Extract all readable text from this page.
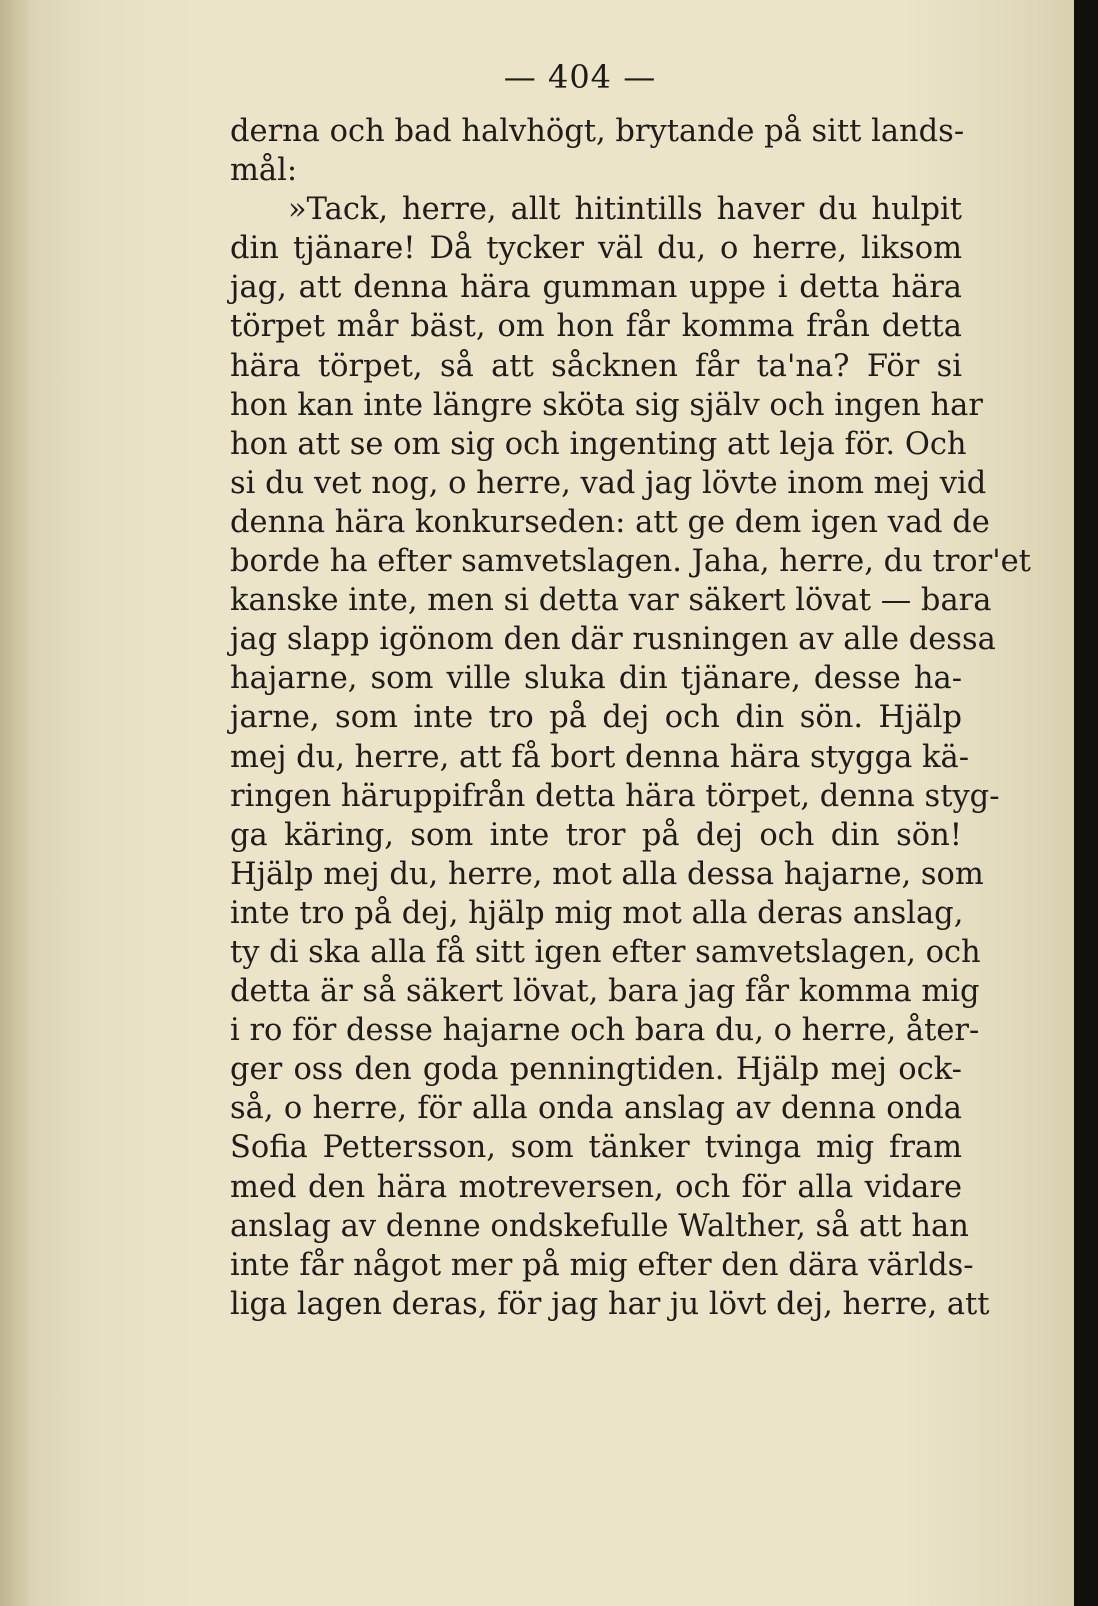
— 404 —
derna och bad halvhögt, brytande på sitt lands-
mål:
»Tack, herre, allt hitintills haver du hulpit
din tjänare! Då tycker väl du, o herre, liksom
jag, att denna hära gumman uppe i detta hära
törpet mår bäst, om hon får komma från detta
hära törpet, så att såcknen får ta'na? För si
hon kan inte längre sköta sig själv och ingen har
hon att se om sig och ingenting att leja för. Och
si du vet nog, o herre, vad jag lövte inom mej vid
denna hära konkurseden: att ge dem igen vad de
borde ha efter samvetslagen. Jaha, herre, du tror'et
kanske inte, men si detta var säkert lövat — bara
jag slapp igönom den där rusningen av alle dessa
hajarne, som ville sluka din tjänare, desse ha-
jarne, som inte tro på dej och din sön. Hjälp
mej du, herre, att få bort denna hära stygga kä-
ringen häruppifrån detta hära törpet, denna styg-
ga käring, som inte tror på dej och din sön!
Hjälp mej du, herre, mot alla dessa hajarne, som
inte tro på dej, hjälp mig mot alla deras anslag,
ty di ska alla få sitt igen efter samvetslagen, och
detta är så säkert lövat, bara jag får komma mig
i ro för desse hajarne och bara du, o herre, åter-
ger oss den goda penningtiden. Hjälp mej ock-
så, o herre, för alla onda anslag av denna onda
Sofia Pettersson, som tänker tvinga mig fram
med den hära motreversen, och för alla vidare
anslag av denne ondskefulle Walther, så att han
inte får något mer på mig efter den dära världs-
liga lagen deras, för jag har ju lövt dej, herre, att
